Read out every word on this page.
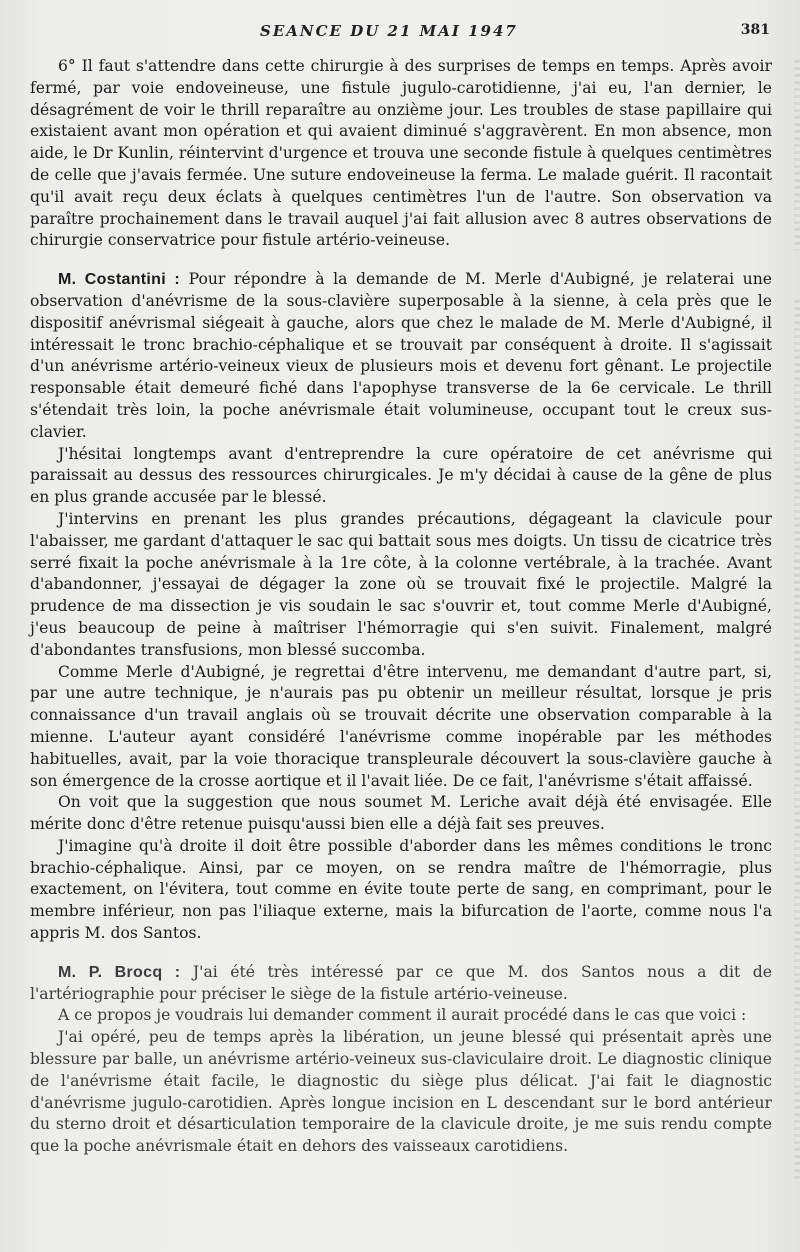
SEANCE DU 21 MAI 1947	381

6° Il faut s'attendre dans cette chirurgie à des surprises de temps en temps. Après avoir fermé, par voie endoveineuse, une fistule jugulo-carotidienne, j'ai eu, l'an dernier, le désagrément de voir le thrill reparaître au onzième jour. Les troubles de stase papillaire qui existaient avant mon opération et qui avaient diminué s'aggravèrent. En mon absence, mon aide, le Dr Kunlin, réintervint d'urgence et trouva une seconde fistule à quelques centimètres de celle que j'avais fermée. Une suture endoveineuse la ferma. Le malade guérit. Il racontait qu'il avait reçu deux éclats à quelques centimètres l'un de l'autre. Son observation va paraître prochainement dans le travail auquel j'ai fait allusion avec 8 autres observations de chirurgie conservatrice pour fistule artério-veineuse.

M. Costantini : Pour répondre à la demande de M. Merle d'Aubigné, je relaterai une observation d'anévrisme de la sous-clavière superposable à la sienne, à cela près que le dispositif anévrismal siégeait à gauche, alors que chez le malade de M. Merle d'Aubigné, il intéressait le tronc brachio-céphalique et se trouvait par conséquent à droite. Il s'agissait d'un anévrisme artério-veineux vieux de plusieurs mois et devenu fort gênant. Le projectile responsable était demeuré fiché dans l'apophyse transverse de la 6e cervicale. Le thrill s'étendait très loin, la poche anévrismale était volumineuse, occupant tout le creux sus-clavier.

J'hésitai longtemps avant d'entreprendre la cure opératoire de cet anévrisme qui paraissait au dessus des ressources chirurgicales. Je m'y décidai à cause de la gêne de plus en plus grande accusée par le blessé.

J'intervins en prenant les plus grandes précautions, dégageant la clavicule pour l'abaisser, me gardant d'attaquer le sac qui battait sous mes doigts. Un tissu de cicatrice très serré fixait la poche anévrismale à la 1re côte, à la colonne vertébrale, à la trachée. Avant d'abandonner, j'essayai de dégager la zone où se trouvait fixé le projectile. Malgré la prudence de ma dissection je vis soudain le sac s'ouvrir et, tout comme Merle d'Aubigné, j'eus beaucoup de peine à maîtriser l'hémorragie qui s'en suivit. Finalement, malgré d'abondantes transfusions, mon blessé succomba.

Comme Merle d'Aubigné, je regrettai d'être intervenu, me demandant d'autre part, si, par une autre technique, je n'aurais pas pu obtenir un meilleur résultat, lorsque je pris connaissance d'un travail anglais où se trouvait décrite une observation comparable à la mienne. L'auteur ayant considéré l'anévrisme comme inopérable par les méthodes habituelles, avait, par la voie thoracique transpleurale découvert la sous-clavière gauche à son émergence de la crosse aortique et il l'avait liée. De ce fait, l'anévrisme s'était affaissé.

On voit que la suggestion que nous soumet M. Leriche avait déjà été envisagée. Elle mérite donc d'être retenue puisqu'aussi bien elle a déjà fait ses preuves.

J'imagine qu'à droite il doit être possible d'aborder dans les mêmes conditions le tronc brachio-céphalique. Ainsi, par ce moyen, on se rendra maître de l'hémorragie, plus exactement, on l'évitera, tout comme en évite toute perte de sang, en comprimant, pour le membre inférieur, non pas l'iliaque externe, mais la bifurcation de l'aorte, comme nous l'a appris M. dos Santos.

M. P. Brocq : J'ai été très intéressé par ce que M. dos Santos nous a dit de l'artériographie pour préciser le siège de la fistule artério-veineuse.

A ce propos je voudrais lui demander comment il aurait procédé dans le cas que voici :

J'ai opéré, peu de temps après la libération, un jeune blessé qui présentait après une blessure par balle, un anévrisme artério-veineux sus-claviculaire droit. Le diagnostic clinique de l'anévrisme était facile, le diagnostic du siège plus délicat. J'ai fait le diagnostic d'anévrisme jugulo-carotidien. Après longue incision en L descendant sur le bord antérieur du sterno droit et désarticulation temporaire de la clavicule droite, je me suis rendu compte que la poche anévrismale était en dehors des vaisseaux carotidiens.
